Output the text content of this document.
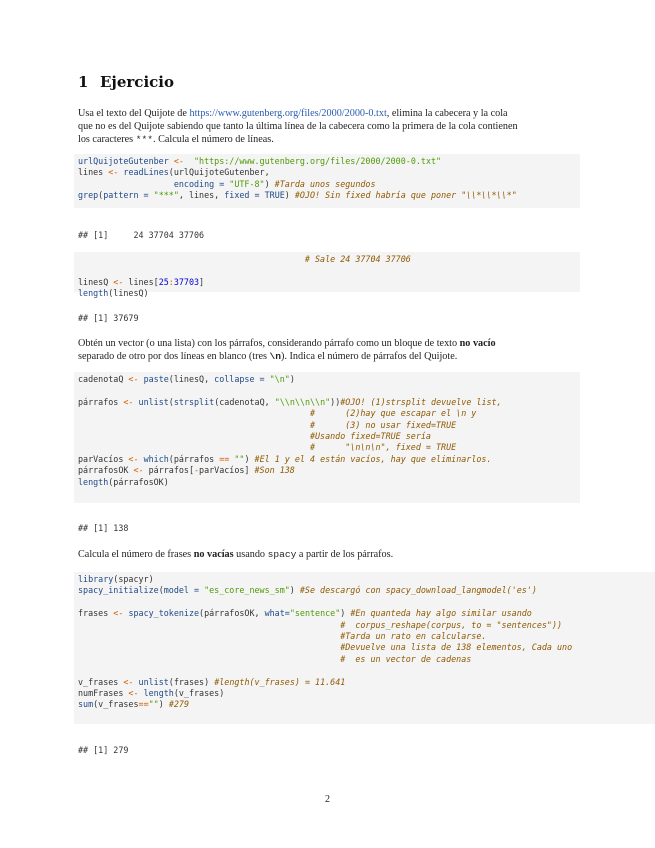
1 Ejercicio
Usa el texto del Quijote de https://www.gutenberg.org/files/2000/2000-0.txt, elimina la cabecera y la cola
que no es del Quijote sabiendo que tanto la última línea de la cabecera como la primera de la cola contienen
los caracteres ***. Calcula el número de líneas.
urlQuijoteGutenber <- "https://www.gutenberg.org/files/2000/2000-0.txt"
lines <- readLines(urlQuijoteGutenber,
encoding = "UTF-8") #Tarda unos segundos
grep(pattern = "***", lines, fixed = TRUE) #OJO! Sin fixed habría que poner "\\*\\*\\*"
## [1]     24 37704 37706
# Sale 24 37704 37706

linesQ <- lines[25:37703]
length(linesQ)
## [1] 37679
Obtén un vector (o una lista) con los párrafos, considerando párrafo como un bloque de texto no vacío
separado de otro por dos líneas en blanco (tres \n). Indica el número de párrafos del Quijote.
cadenotaQ <- paste(linesQ, collapse = "\n")

párrafos <- unlist(strsplit(cadenotaQ, "\\n\\n\\n"))#OJO! (1)strsplit devuelve list,
#      (2)hay que escapar el \n y
#      (3) no usar fixed=TRUE
#Usando fixed=TRUE sería
#      "\n\n\n", fixed = TRUE
parVacíos <- which(párrafos == "") #El 1 y el 4 están vacíos, hay que eliminarlos.
párrafosOK <- párrafos[-parVacíos] #Son 138
length(párrafosOK)
## [1] 138
Calcula el número de frases no vacías usando spacy a partir de los párrafos.
library(spacyr)
spacy_initialize(model = "es_core_news_sm") #Se descargó con spacy_download_langmodel('es')

frases <- spacy_tokenize(párrafosOK, what="sentence") #En quanteda hay algo similar usando
#  corpus_reshape(corpus, to = "sentences"))
#Tarda un rato en calcularse.
#Devuelve una lista de 138 elementos, Cada uno
#  es un vector de cadenas

v_frases <- unlist(frases) #length(v_frases) = 11.641
numFrases <- length(v_frases)
sum(v_frases=="") #279
## [1] 279
2
